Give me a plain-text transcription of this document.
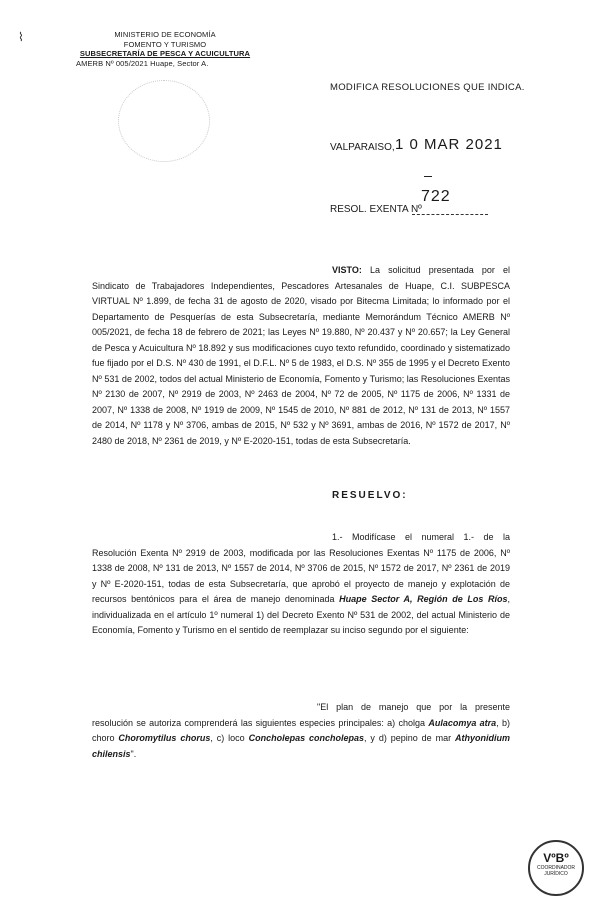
⌇	MINISTERIO DE ECONOMÍA
FOMENTO Y TURISMO
SUBSECRETARÍA DE PESCA Y ACUICULTURA
AMERB Nº 005/2021 Huape, Sector A.
MODIFICA RESOLUCIONES QUE INDICA.
VALPARAISO, 1 0 MAR 2021
722
RESOL. EXENTA Nº
VISTO: La solicitud presentada por el Sindicato de Trabajadores Independientes, Pescadores Artesanales de Huape, C.I. SUBPESCA VIRTUAL Nº 1.899, de fecha 31 de agosto de 2020, visado por Bitecma Limitada; lo informado por el Departamento de Pesquerías de esta Subsecretaría, mediante Memorándum Técnico AMERB Nº 005/2021, de fecha 18 de febrero de 2021; las Leyes Nº 19.880, Nº 20.437 y Nº 20.657; la Ley General de Pesca y Acuicultura Nº 18.892 y sus modificaciones cuyo texto refundido, coordinado y sistematizado fue fijado por el D.S. Nº 430 de 1991, el D.F.L. Nº 5 de 1983, el D.S. Nº 355 de 1995 y el Decreto Exento Nº 531 de 2002, todos del actual Ministerio de Economía, Fomento y Turismo; las Resoluciones Exentas Nº 2130 de 2007, Nº 2919 de 2003, Nº 2463 de 2004, Nº 72 de 2005, Nº 1175 de 2006, Nº 1331 de 2007, Nº 1338 de 2008, Nº 1919 de 2009, Nº 1545 de 2010, Nº 881 de 2012, Nº 131 de 2013, Nº 1557 de 2014, Nº 1178 y Nº 3706, ambas de 2015, Nº 532 y Nº 3691, ambas de 2016, Nº 1572 de 2017, Nº 2480 de 2018, Nº 2361 de 2019, y Nº E-2020-151, todas de esta Subsecretaría.
RESUELVO:
1.- Modifícase el numeral 1.- de la Resolución Exenta Nº 2919 de 2003, modificada por las Resoluciones Exentas Nº 1175 de 2006, Nº 1338 de 2008, Nº 131 de 2013, Nº 1557 de 2014, Nº 3706 de 2015, Nº 1572 de 2017, Nº 2361 de 2019 y Nº E-2020-151, todas de esta Subsecretaría, que aprobó el proyecto de manejo y explotación de recursos bentónicos para el área de manejo denominada Huape Sector A, Región de Los Ríos, individualizada en el artículo 1º numeral 1) del Decreto Exento Nº 531 de 2002, del actual Ministerio de Economía, Fomento y Turismo en el sentido de reemplazar su inciso segundo por el siguiente:
"El plan de manejo que por la presente resolución se autoriza comprenderá las siguientes especies principales: a) cholga Aulacomya atra, b) choro Choromytilus chorus, c) loco Concholepas concholepas, y d) pepino de mar Athyonidium chilensis".
VºBº
COORDINADOR
JURÍDICO
